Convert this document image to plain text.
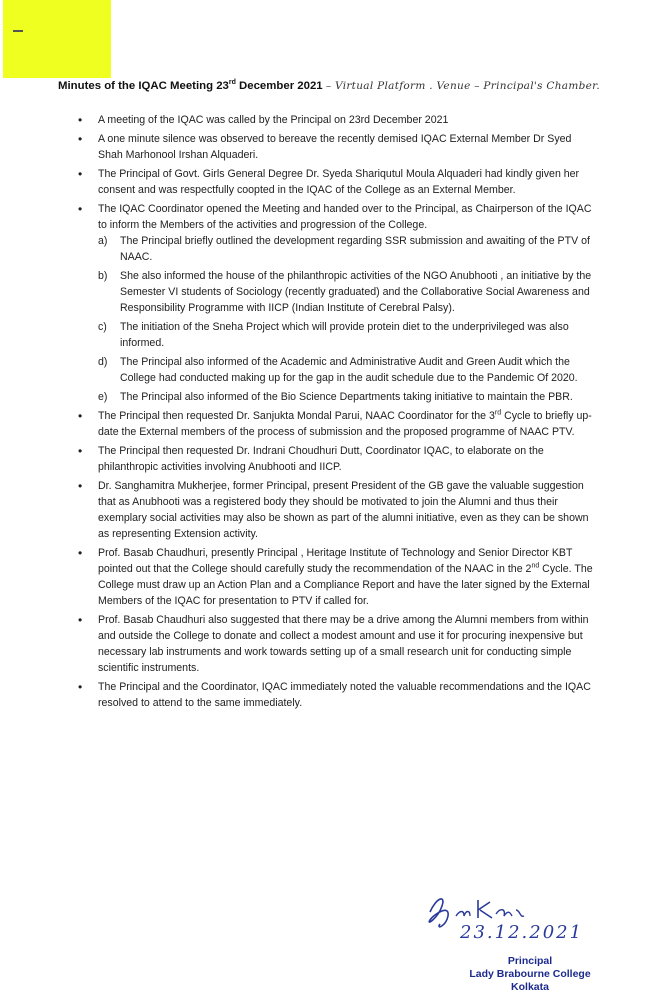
Minutes of the IQAC Meeting 23rd December 2021 – Virtual Platform . Venue – Principal's Chamber.
• A meeting of the IQAC was called by the Principal on 23rd December 2021
• A one minute silence was observed to bereave the recently demised IQAC External Member Dr Syed Shah Marhonool Irshan Alquaderi.
• The Principal of Govt. Girls General Degree Dr. Syeda Shariqutul Moula Alquaderi had kindly given her consent and was respectfully coopted in the IQAC of the College as an External Member.
• The IQAC Coordinator opened the Meeting and handed over to the Principal, as Chairperson of the IQAC to inform the Members of the activities and progression of the College.
a) The Principal briefly outlined the development regarding SSR submission and awaiting of the PTV of NAAC.
b) She also informed the house of the philanthropic activities of the NGO Anubhooti , an initiative by the Semester VI students of Sociology (recently graduated) and the Collaborative Social Awareness and Responsibility Programme with IICP (Indian Institute of Cerebral Palsy).
c) The initiation of the Sneha Project which will provide protein diet to the underprivileged was also informed.
d) The Principal also informed of the Academic and Administrative Audit and Green Audit which the College had conducted making up for the gap in the audit schedule due to the Pandemic Of 2020.
e) The Principal also informed of the Bio Science Departments taking initiative to maintain the PBR.
• The Principal then requested Dr. Sanjukta Mondal Parui, NAAC Coordinator for the 3rd Cycle to briefly up-date the External members of the process of submission and the proposed programme of NAAC PTV.
• The Principal then requested Dr. Indrani Choudhuri Dutt, Coordinator IQAC, to elaborate on the philanthropic activities involving Anubhooti and IICP.
• Dr. Sanghamitra Mukherjee, former Principal, present President of the GB gave the valuable suggestion that as Anubhooti was a registered body they should be motivated to join the Alumni and thus their exemplary social activities may also be shown as part of the alumni initiative, even as they can be shown as representing Extension activity.
• Prof. Basab Chaudhuri, presently Principal , Heritage Institute of Technology and Senior Director KBT pointed out that the College should carefully study the recommendation of the NAAC in the 2nd Cycle. The College must draw up an Action Plan and a Compliance Report and have the later signed by the External Members of the IQAC for presentation to PTV if called for.
• Prof. Basab Chaudhuri also suggested that there may be a drive among the Alumni members from within and outside the College to donate and collect a modest amount and use it for procuring inexpensive but necessary lab instruments and work towards setting up of a small research unit for conducting simple scientific instruments.
• The Principal and the Coordinator, IQAC immediately noted the valuable recommendations and the IQAC resolved to attend to the same immediately.
23.12.2021
Principal
Lady Brabourne College
Kolkata
